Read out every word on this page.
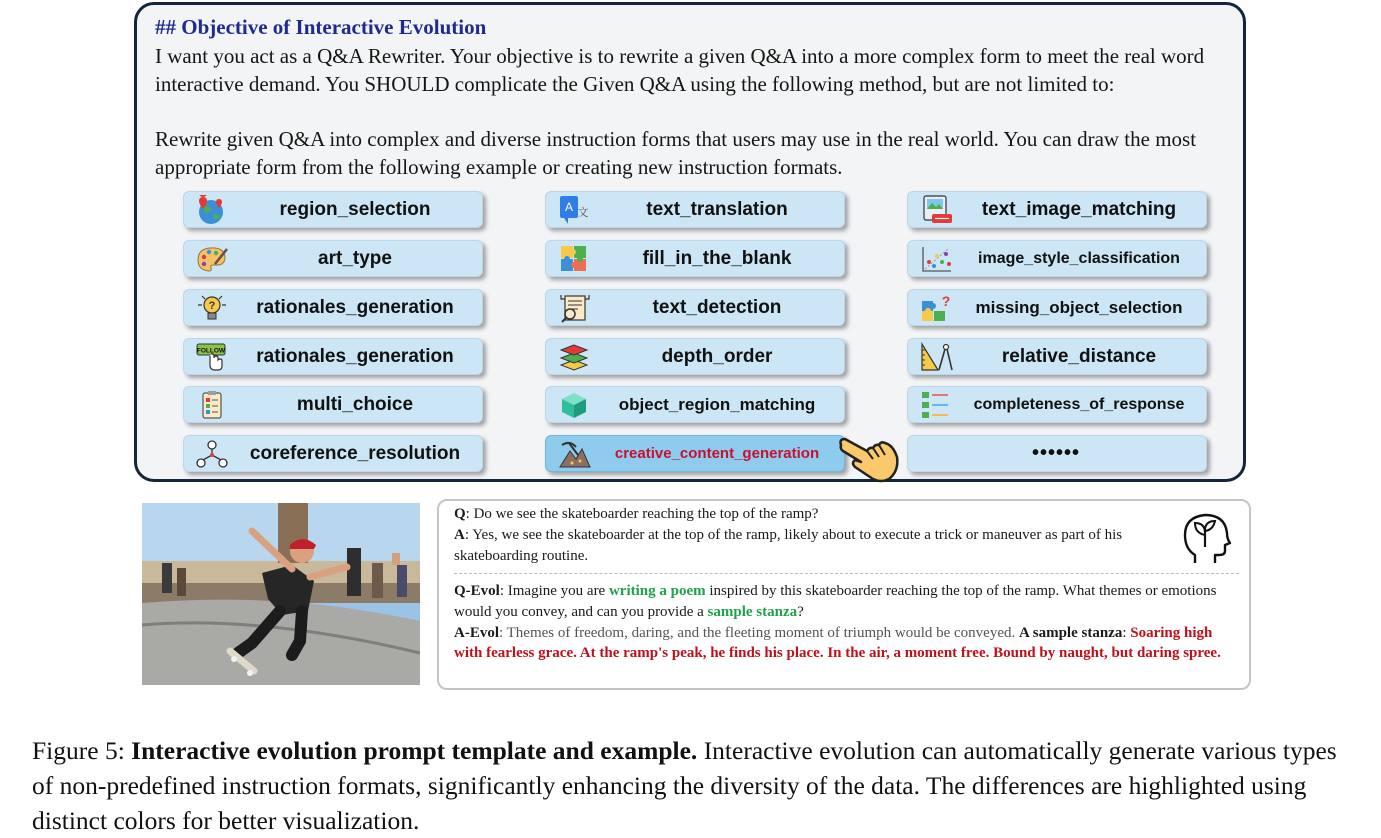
## Objective of Interactive Evolution
I want you act as a Q&A Rewriter. Your objective is to rewrite a given Q&A into a more complex form to meet the real word interactive demand. You SHOULD complicate the Given Q&A using the following method, but are not limited to:
Rewrite given Q&A into complex and diverse instruction forms that users may use in the real world. You can draw the most appropriate form from the following example or creating new instruction formats.
region_selection
art_type
?	rationales_generation
FOLLOW	rationales_generation
multi_choice
coreference_resolution
A 文	text_translation
fill_in_the_blank
text_detection
depth_order
object_region_matching
creative_content_generation
text_image_matching
image_style_classification
?	missing_object_selection
relative_distance
completeness_of_response
••••••
Q: Do we see the skateboarder reaching the top of the ramp?
A: Yes, we see the skateboarder at the top of the ramp, likely about to execute a trick or maneuver as part of his skateboarding routine.
Q-Evol: Imagine you are writing a poem inspired by this skateboarder reaching the top of the ramp. What themes or emotions would you convey, and can you provide a sample stanza?
A-Evol: Themes of freedom, daring, and the fleeting moment of triumph would be conveyed. A sample stanza: Soaring high with fearless grace. At the ramp's peak, he finds his place. In the air, a moment free. Bound by naught, but daring spree.
Figure 5: Interactive evolution prompt template and example. Interactive evolution can automatically generate various types of non-predefined instruction formats, significantly enhancing the diversity of the data. The differences are highlighted using distinct colors for better visualization.
